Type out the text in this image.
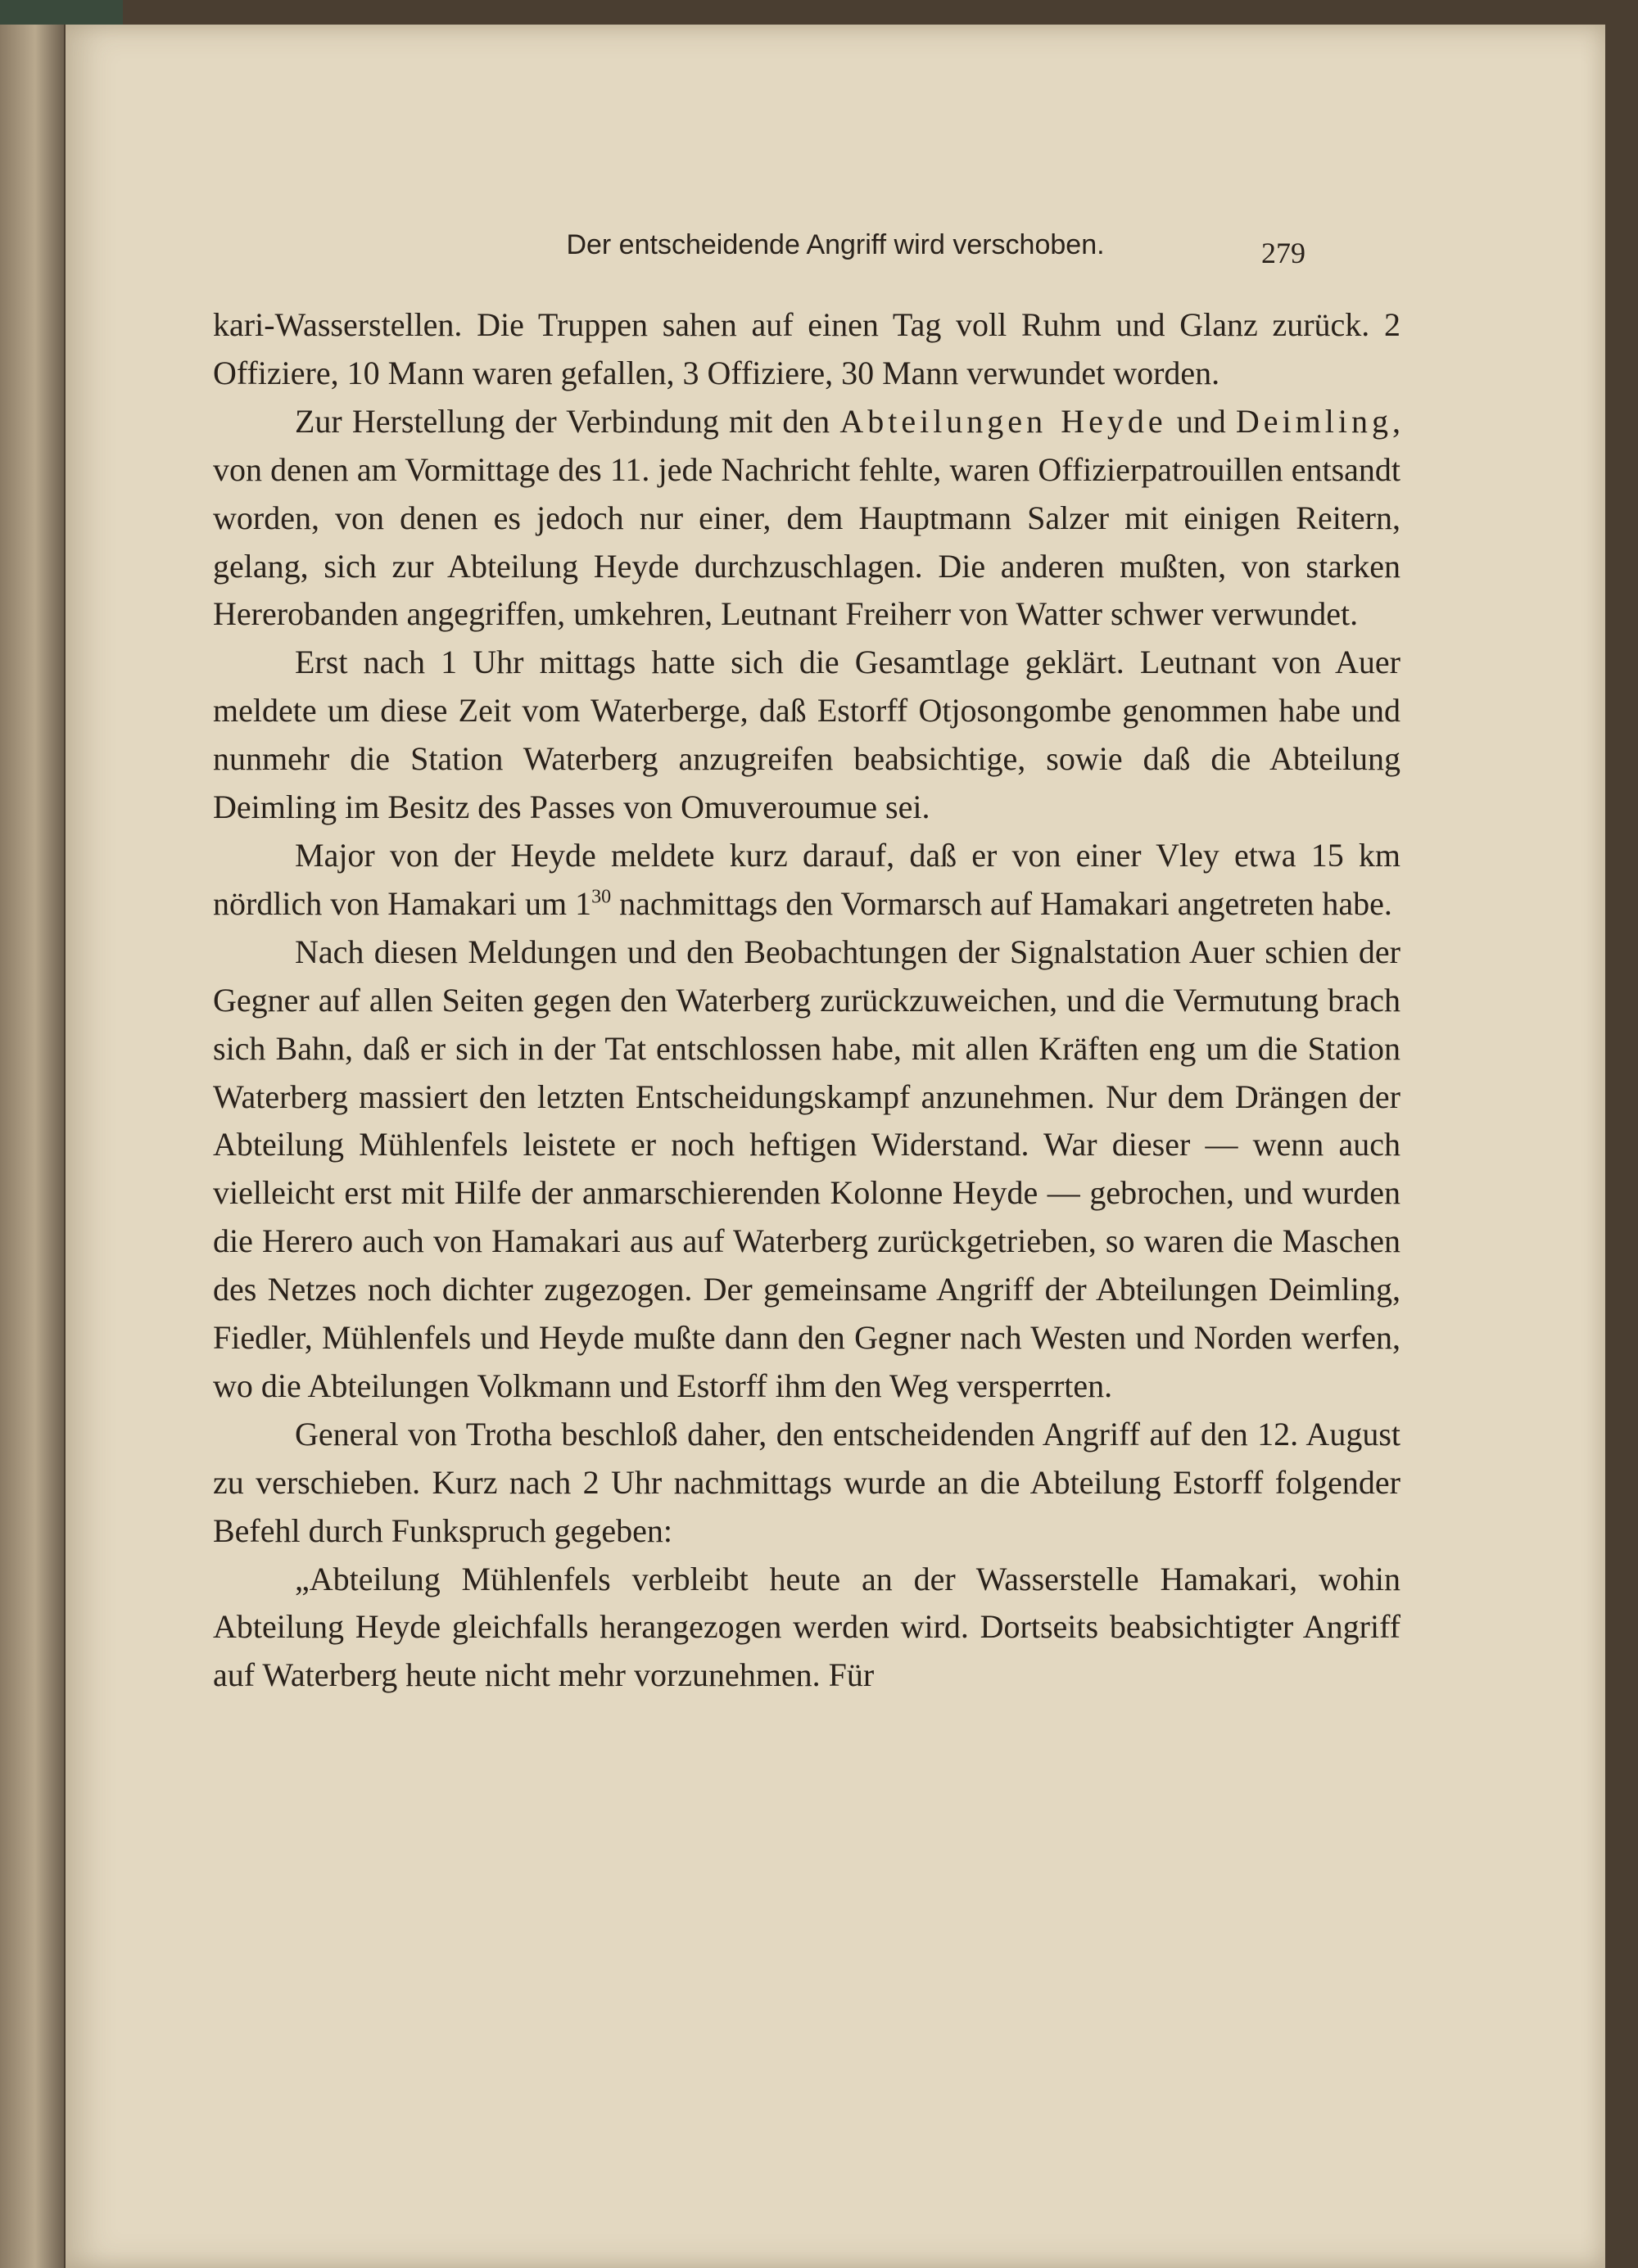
Der entscheidende Angriff wird verschoben.	279

kari-Wasserstellen. Die Truppen sahen auf einen Tag voll Ruhm und Glanz zurück. 2 Offiziere, 10 Mann waren gefallen, 3 Offiziere, 30 Mann verwundet worden.

Zur Herstellung der Verbindung mit den Abteilungen Heyde und Deimling, von denen am Vormittage des 11. jede Nachricht fehlte, waren Offizierpatrouillen entsandt worden, von denen es jedoch nur einer, dem Hauptmann Salzer mit einigen Reitern, gelang, sich zur Abteilung Heyde durchzuschlagen. Die anderen mußten, von starken Hererobanden angegriffen, umkehren, Leutnant Freiherr von Watter schwer verwundet.

Erst nach 1 Uhr mittags hatte sich die Gesamtlage geklärt. Leutnant von Auer meldete um diese Zeit vom Waterberge, daß Estorff Otjosongombe genommen habe und nunmehr die Station Waterberg anzugreifen beabsichtige, sowie daß die Abteilung Deimling im Besitz des Passes von Omuveroumue sei.

Major von der Heyde meldete kurz darauf, daß er von einer Vley etwa 15 km nördlich von Hamakari um $1^{30}$ nachmittags den Vormarsch auf Hamakari angetreten habe.

Nach diesen Meldungen und den Beobachtungen der Signalstation Auer schien der Gegner auf allen Seiten gegen den Waterberg zurückzuweichen, und die Vermutung brach sich Bahn, daß er sich in der Tat entschlossen habe, mit allen Kräften eng um die Station Waterberg massiert den letzten Entscheidungskampf anzunehmen. Nur dem Drängen der Abteilung Mühlenfels leistete er noch heftigen Widerstand. War dieser — wenn auch vielleicht erst mit Hilfe der anmarschierenden Kolonne Heyde — gebrochen, und wurden die Herero auch von Hamakari aus auf Waterberg zurückgetrieben, so waren die Maschen des Netzes noch dichter zugezogen. Der gemeinsame Angriff der Abteilungen Deimling, Fiedler, Mühlenfels und Heyde mußte dann den Gegner nach Westen und Norden werfen, wo die Abteilungen Volkmann und Estorff ihm den Weg versperrten.

General von Trotha beschloß daher, den entscheidenden Angriff auf den 12. August zu verschieben. Kurz nach 2 Uhr nachmittags wurde an die Abteilung Estorff folgender Befehl durch Funkspruch gegeben:

„Abteilung Mühlenfels verbleibt heute an der Wasserstelle Hamakari, wohin Abteilung Heyde gleichfalls herangezogen werden wird. Dortseits beabsichtigter Angriff auf Waterberg heute nicht mehr vorzunehmen. Für
